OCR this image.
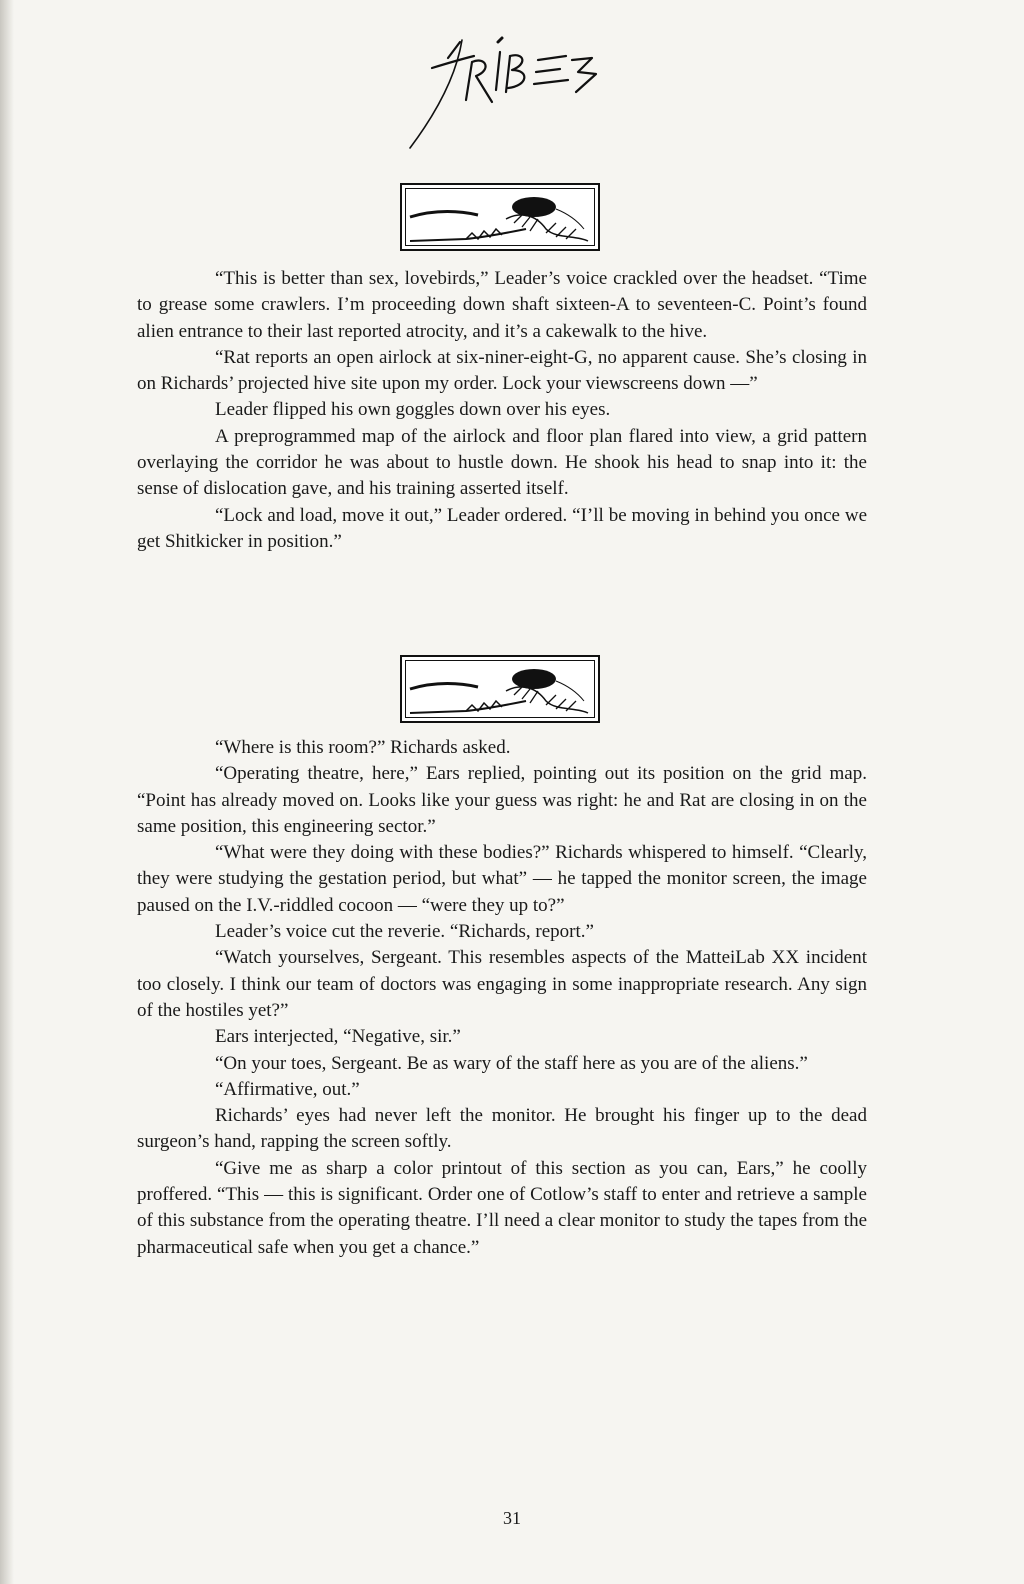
“This is better than sex, lovebirds,” Leader’s voice crackled over the headset. “Time to grease some crawlers. I’m proceeding down shaft sixteen-A to seventeen-C. Point’s found alien entrance to their last reported atrocity, and it’s a cakewalk to the hive.

“Rat reports an open airlock at six-niner-eight-G, no apparent cause. She’s closing in on Richards’ projected hive site upon my order. Lock your viewscreens down —”

Leader flipped his own goggles down over his eyes.

A preprogrammed map of the airlock and floor plan flared into view, a grid pattern overlaying the corridor he was about to hustle down. He shook his head to snap into it: the sense of dislocation gave, and his training asserted itself.

“Lock and load, move it out,” Leader ordered. “I’ll be moving in behind you once we get Shitkicker in position.”

“Where is this room?” Richards asked.

“Operating theatre, here,” Ears replied, pointing out its position on the grid map. “Point has already moved on. Looks like your guess was right: he and Rat are closing in on the same position, this engineering sector.”

“What were they doing with these bodies?” Richards whispered to himself. “Clearly, they were studying the gestation period, but what” — he tapped the monitor screen, the image paused on the I.V.-riddled cocoon — “were they up to?”

Leader’s voice cut the reverie. “Richards, report.”

“Watch yourselves, Sergeant. This resembles aspects of the MatteiLab XX incident too closely. I think our team of doctors was engaging in some inappropriate research. Any sign of the hostiles yet?”

Ears interjected, “Negative, sir.”

“On your toes, Sergeant. Be as wary of the staff here as you are of the aliens.”

“Affirmative, out.”

Richards’ eyes had never left the monitor. He brought his finger up to the dead surgeon’s hand, rapping the screen softly.

“Give me as sharp a color printout of this section as you can, Ears,” he coolly proffered. “This — this is significant. Order one of Cotlow’s staff to enter and retrieve a sample of this substance from the operating theatre. I’ll need a clear monitor to study the tapes from the pharmaceutical safe when you get a chance.”

31
